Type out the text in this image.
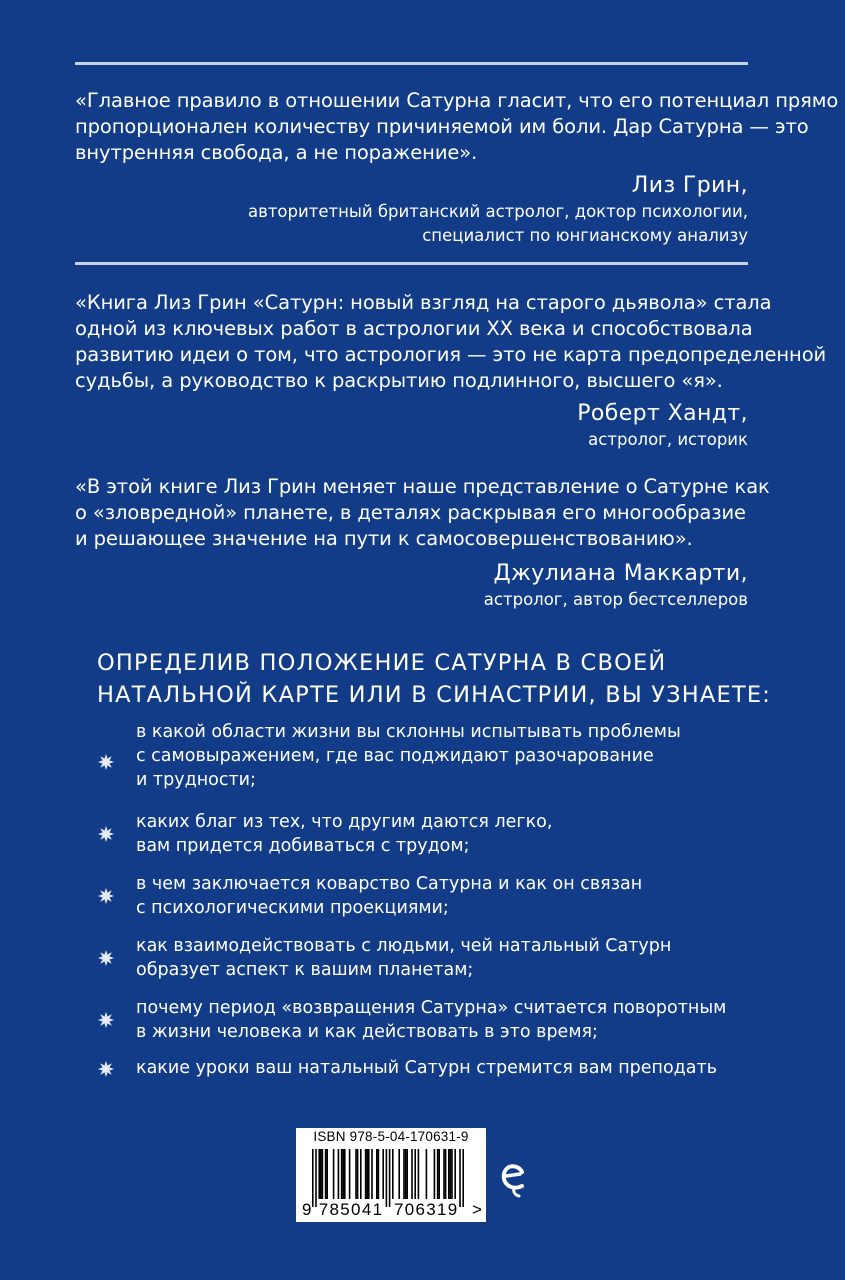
«Главное правило в отношении Сатурна гласит, что его потенциал прямо

пропорционален количеству причиняемой им боли. Дар Сатурна — это

внутренняя свобода, а не поражение».

Лиз Грин,
авторитетный британский астролог, доктор психологии,
специалист по юнгианскому анализу

«Книга Лиз Грин «Сатурн: новый взгляд на старого дьявола» стала

одной из ключевых работ в астрологии XX века и способствовала

развитию идеи о том, что астрология — это не карта предопределенной

судьбы, а руководство к раскрытию подлинного, высшего «я».

Роберт Хандт,
астролог, историк

«В этой книге Лиз Грин меняет наше представление о Сатурне как

о «зловредной» планете, в деталях раскрывая его многообразие

и решающее значение на пути к самосовершенствованию».

Джулиана Маккарти,
астролог, автор бестселлеров
ОПРЕДЕЛИВ ПОЛОЖЕНИЕ САТУРНА В СВОЕЙ
НАТАЛЬНОЙ КАРТЕ ИЛИ В СИНАСТРИИ, ВЫ УЗНАЕТЕ:
в какой области жизни вы склонны испытывать проблемы
с самовыражением, где вас поджидают разочарование
и трудности;
каких благ из тех, что другим даются легко,
вам придется добиваться с трудом;
в чем заключается коварство Сатурна и как он связан
с психологическими проекциями;
как взаимодействовать с людьми, чей натальный Сатурн
образует аспект к вашим планетам;
почему период «возвращения Сатурна» считается поворотным
в жизни человека и как действовать в это время;
какие уроки ваш натальный Сатурн стремится вам преподать
ISBN 978-5-04-170631-9
9 785041 706319 >
